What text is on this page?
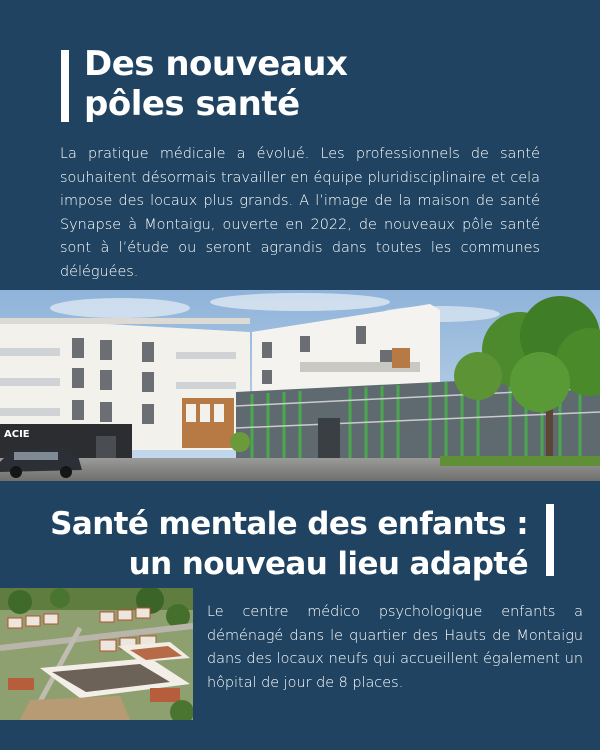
Des nouveaux
pôles santé

La pratique médicale a évolué. Les professionnels de santé souhaitent désormais travailler en équipe pluridisciplinaire et cela impose des locaux plus grands. A l’image de la maison de santé Synapse à Montaigu, ouverte en 2022, de nouveaux pôle santé sont à l’étude ou seront agrandis dans toutes les communes déléguées.

ACIE
Santé mentale des enfants :
un nouveau lieu adapté

Le centre médico psychologique enfants a déménagé dans le quartier des Hauts de Montaigu dans des locaux neufs qui accueillent également un hôpital de jour de 8 places.
